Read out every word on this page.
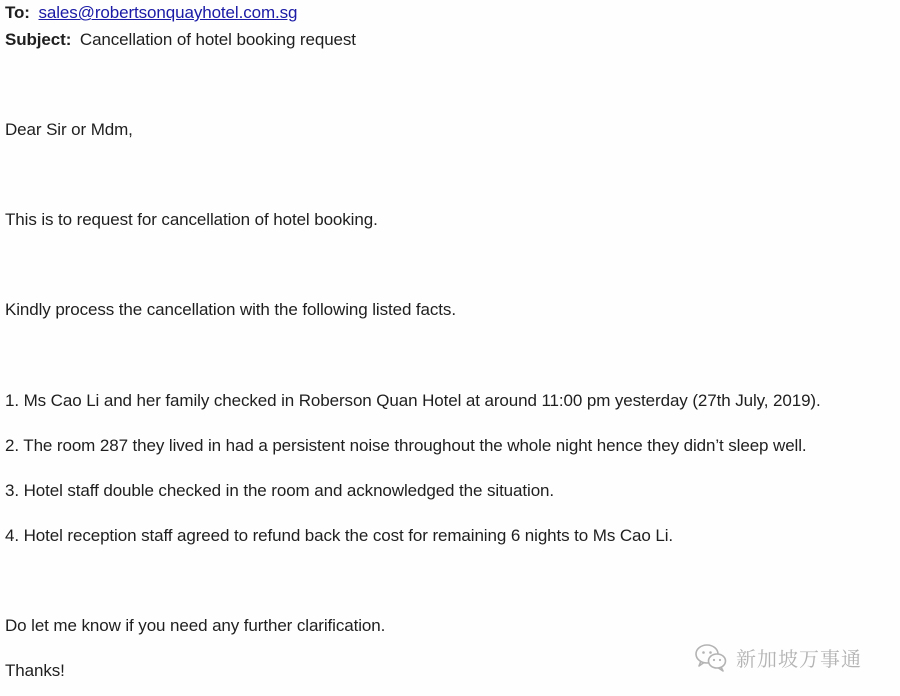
To: sales@robertsonquayhotel.com.sg
Subject: Cancellation of hotel booking request
Dear Sir or Mdm,
This is to request for cancellation of hotel booking.
Kindly process the cancellation with the following listed facts.
1. Ms Cao Li and her family checked in Roberson Quan Hotel at around 11:00 pm yesterday (27th July, 2019).
2. The room 287 they lived in had a persistent noise throughout the whole night hence they didn’t sleep well.
3. Hotel staff double checked in the room and acknowledged the situation.
4. Hotel reception staff agreed to refund back the cost for remaining 6 nights to Ms Cao Li.
Do let me know if you need any further clarification.
Thanks!	新加坡万事通
